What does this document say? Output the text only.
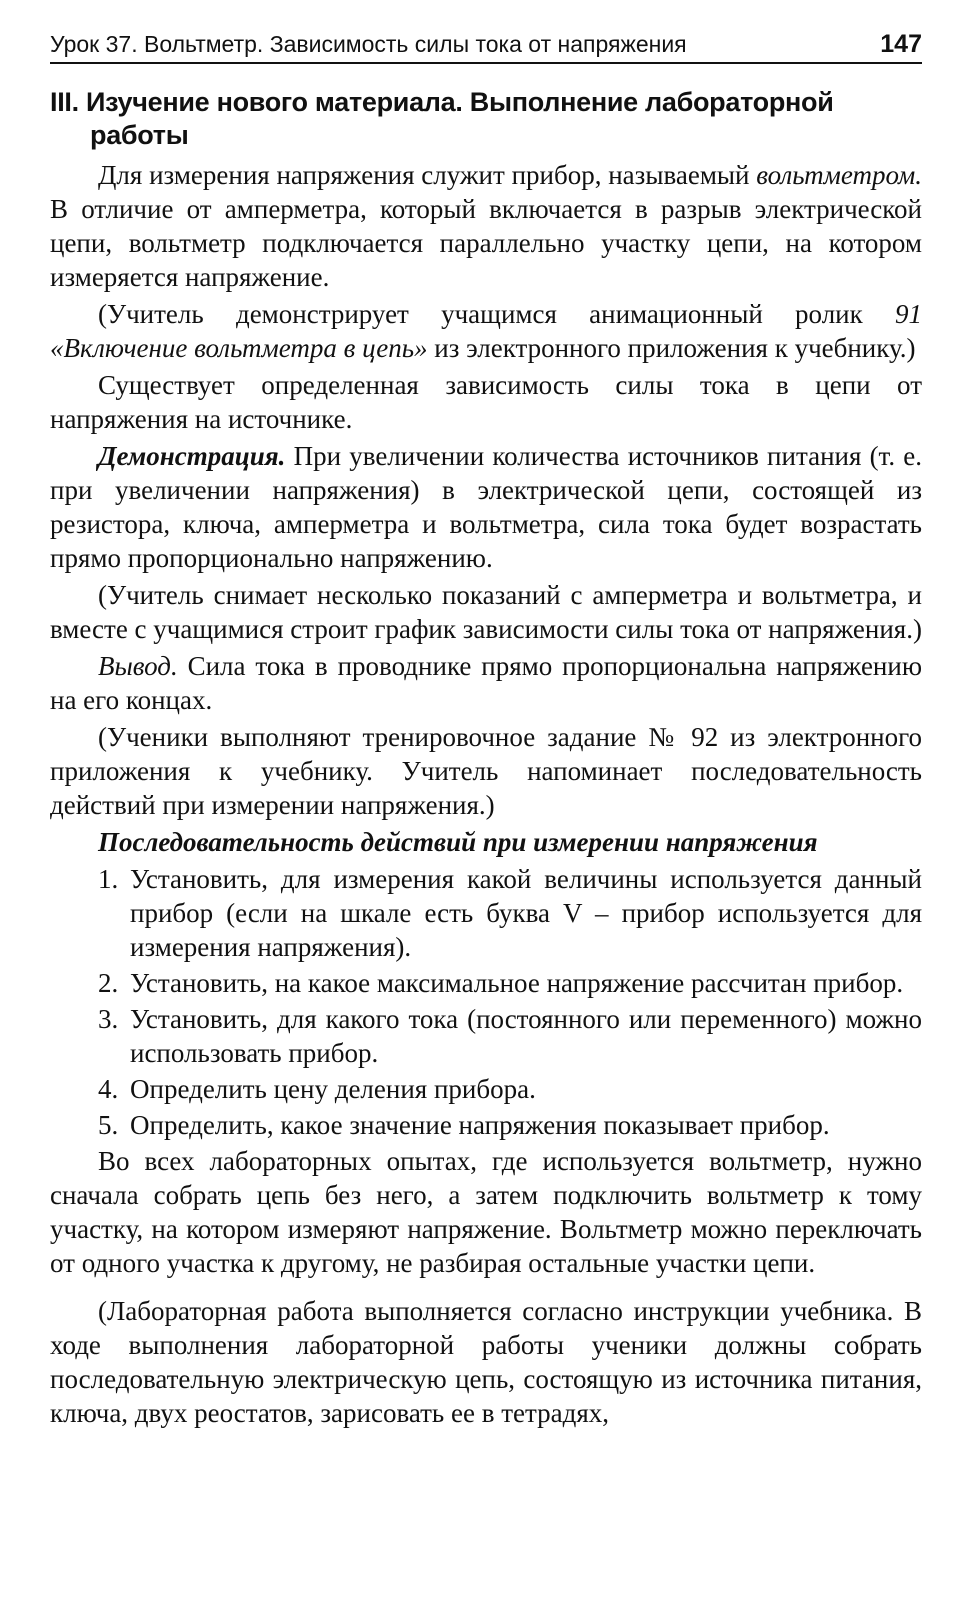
Урок 37. Вольтметр. Зависимость силы тока от напряжения	147
III. Изучение нового материала. Выполнение лабораторной работы

Для измерения напряжения служит прибор, называемый вольтметром. В отличие от амперметра, который включается в разрыв электрической цепи, вольтметр подключается параллельно участку цепи, на котором измеряется напряжение.

(Учитель демонстрирует учащимся анимационный ролик 91 «Включение вольтметра в цепь» из электронного приложения к учебнику.)

Существует определенная зависимость силы тока в цепи от напряжения на источнике.

Демонстрация. При увеличении количества источников питания (т. е. при увеличении напряжения) в электрической цепи, состоящей из резистора, ключа, амперметра и вольтметра, сила тока будет возрастать прямо пропорционально напряжению.

(Учитель снимает несколько показаний с амперметра и вольтметра, и вместе с учащимися строит график зависимости силы тока от напряжения.)

Вывод. Сила тока в проводнике прямо пропорциональна напряжению на его концах.

(Ученики выполняют тренировочное задание № 92 из электронного приложения к учебнику. Учитель напоминает последовательность действий при измерении напряжения.)

Последовательность действий при измерении напряжения
1. Установить, для измерения какой величины используется данный прибор (если на шкале есть буква V – прибор используется для измерения напряжения).
2. Установить, на какое максимальное напряжение рассчитан прибор.
3. Установить, для какого тока (постоянного или переменного) можно использовать прибор.
4. Определить цену деления прибора.
5. Определить, какое значение напряжения показывает прибор.

Во всех лабораторных опытах, где используется вольтметр, нужно сначала собрать цепь без него, а затем подключить вольтметр к тому участку, на котором измеряют напряжение. Вольтметр можно переключать от одного участка к другому, не разбирая остальные участки цепи.

(Лабораторная работа выполняется согласно инструкции учебника. В ходе выполнения лабораторной работы ученики должны собрать последовательную электрическую цепь, состоящую из источника питания, ключа, двух реостатов, зарисовать ее в тетрадях,
